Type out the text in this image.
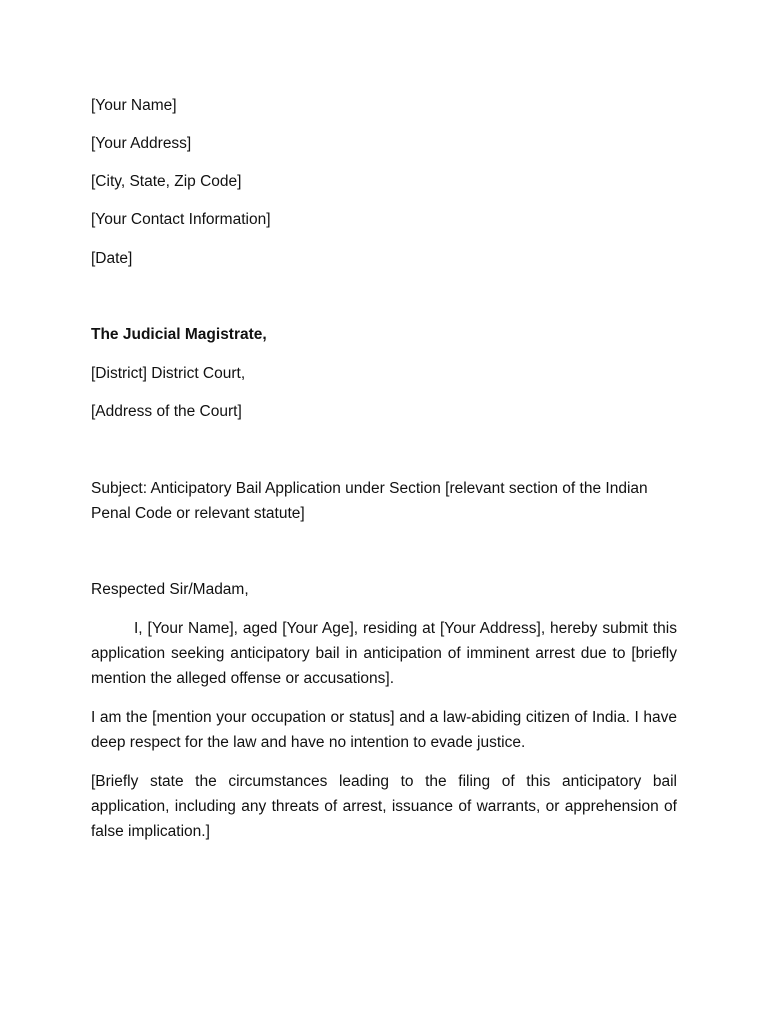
[Your Name]

[Your Address]

[City, State, Zip Code]

[Your Contact Information]

[Date]

The Judicial Magistrate,

[District] District Court,

[Address of the Court]

Subject: Anticipatory Bail Application under Section [relevant section of the Indian

Penal Code or relevant statute]

Respected Sir/Madam,

I, [Your Name], aged [Your Age], residing at [Your Address], hereby submit this application seeking anticipatory bail in anticipation of imminent arrest due to [briefly mention the alleged offense or accusations].

I am the [mention your occupation or status] and a law-abiding citizen of India. I have deep respect for the law and have no intention to evade justice.

[Briefly state the circumstances leading to the filing of this anticipatory bail application, including any threats of arrest, issuance of warrants, or apprehension of false implication.]
